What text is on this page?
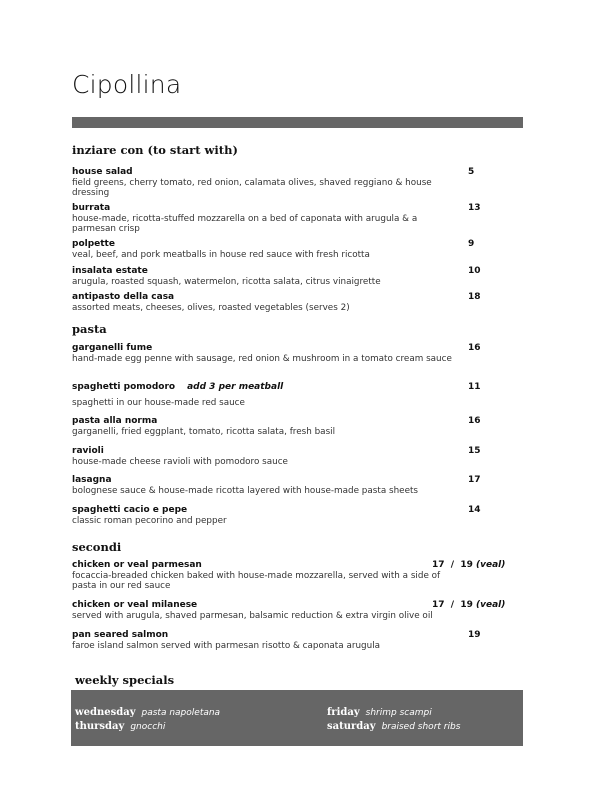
Cipollina
inziare con (to start with)
house salad
field greens, cherry tomato, red onion, calamata olives, shaved reggiano & house dressing
5
burrata
house-made, ricotta-stuffed mozzarella on a bed of caponata with arugula & a parmesan crisp
13
polpette
veal, beef, and pork meatballs in house red sauce with fresh ricotta
9
insalata estate
arugula, roasted squash, watermelon, ricotta salata, citrus vinaigrette
10
antipasto della casa
assorted meats, cheeses, olives, roasted vegetables (serves 2)
18
pasta
garganelli fume
hand-made egg penne with sausage, red onion & mushroom in a tomato cream sauce
16
spaghetti pomodoro add 3 per meatball
spaghetti in our house-made red sauce
11
pasta alla norma
garganelli, fried eggplant, tomato, ricotta salata, fresh basil
16
ravioli
house-made cheese ravioli with pomodoro sauce
15
lasagna
bolognese sauce & house-made ricotta layered with house-made pasta sheets
17
spaghetti cacio e pepe
classic roman pecorino and pepper
14
secondi
chicken or veal parmesan
focaccia-breaded chicken baked with house-made mozzarella, served with a side of pasta in our red sauce
17  /  19 (veal)
chicken or veal milanese
served with arugula, shaved parmesan, balsamic reduction & extra virgin olive oil
17  /  19 (veal)
pan seared salmon
faroe island salmon served with parmesan risotto & caponata arugula
19
weekly specials
wednesday pasta napoletana
thursday gnocchi
friday shrimp scampi
saturday braised short ribs
